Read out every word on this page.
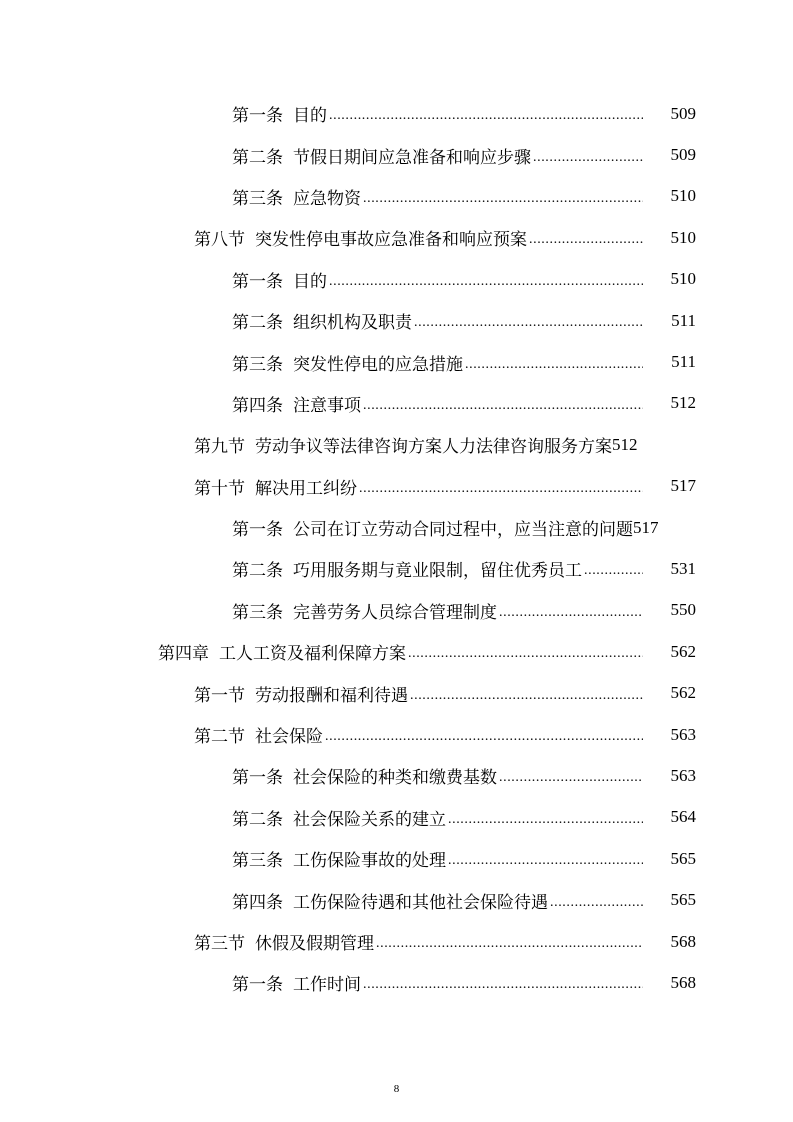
第一条 目的 .....	509
第二条 节假日期间应急准备和响应步骤 .....	509
第三条 应急物资 .....	510
第八节 突发性停电事故应急准备和响应预案 .....	510
第一条 目的 .....	510
第二条 组织机构及职责 .....	511
第三条 突发性停电的应急措施 .....	511
第四条 注意事项 .....	512
第九节 劳动争议等法律咨询方案人力法律咨询服务方案 512
第十节 解决用工纠纷 .....	517
第一条 公司在订立劳动合同过程中，应当注意的问题 517
第二条 巧用服务期与竟业限制，留住优秀员工 .....	531
第三条 完善劳务人员综合管理制度 .....	550
第四章 工人工资及福利保障方案 .....	562
第一节 劳动报酬和福利待遇 .....	562
第二节 社会保险 .....	563
第一条 社会保险的种类和缴费基数 .....	563
第二条 社会保险关系的建立 .....	564
第三条 工伤保险事故的处理 .....	565
第四条 工伤保险待遇和其他社会保险待遇 .....	565
第三节 休假及假期管理 .....	568
第一条 工作时间 .....	568
8
